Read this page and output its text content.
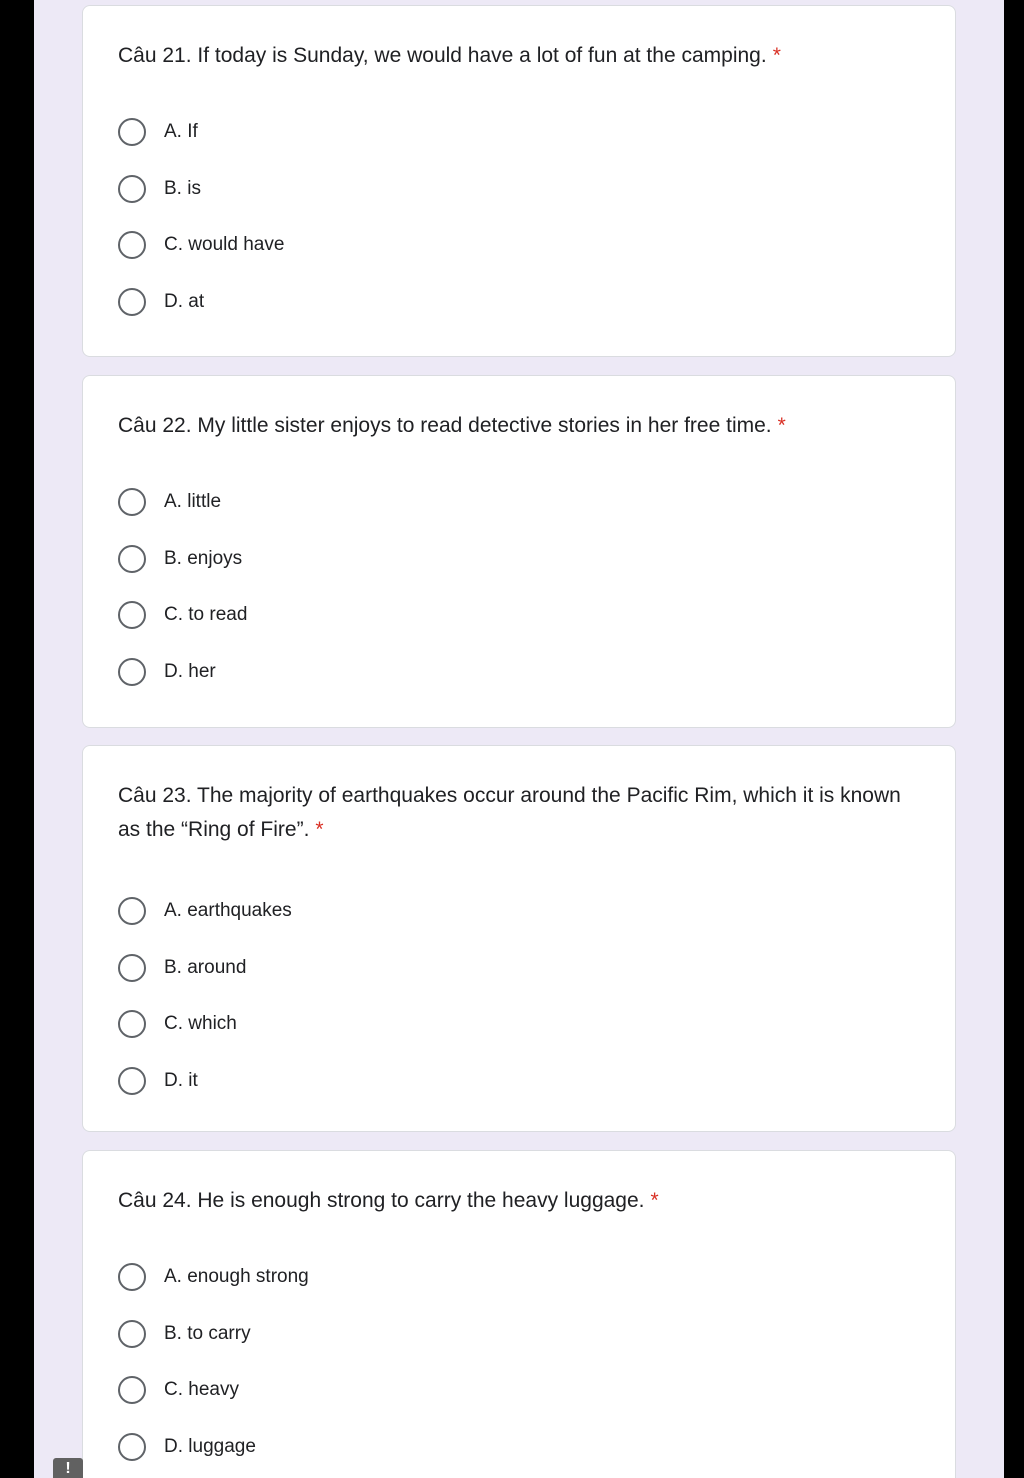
Câu 21. If today is Sunday, we would have a lot of fun at the camping. *
A. If
B. is
C. would have
D. at
Câu 22. My little sister enjoys to read detective stories in her free time. *
A. little
B. enjoys
C. to read
D. her
Câu 23. The majority of earthquakes occur around the Pacific Rim, which it is known as the “Ring of Fire”. *
A. earthquakes
B. around
C. which
D. it
Câu 24. He is enough strong to carry the heavy luggage. *
A. enough strong
B. to carry
C. heavy
D. luggage
!
